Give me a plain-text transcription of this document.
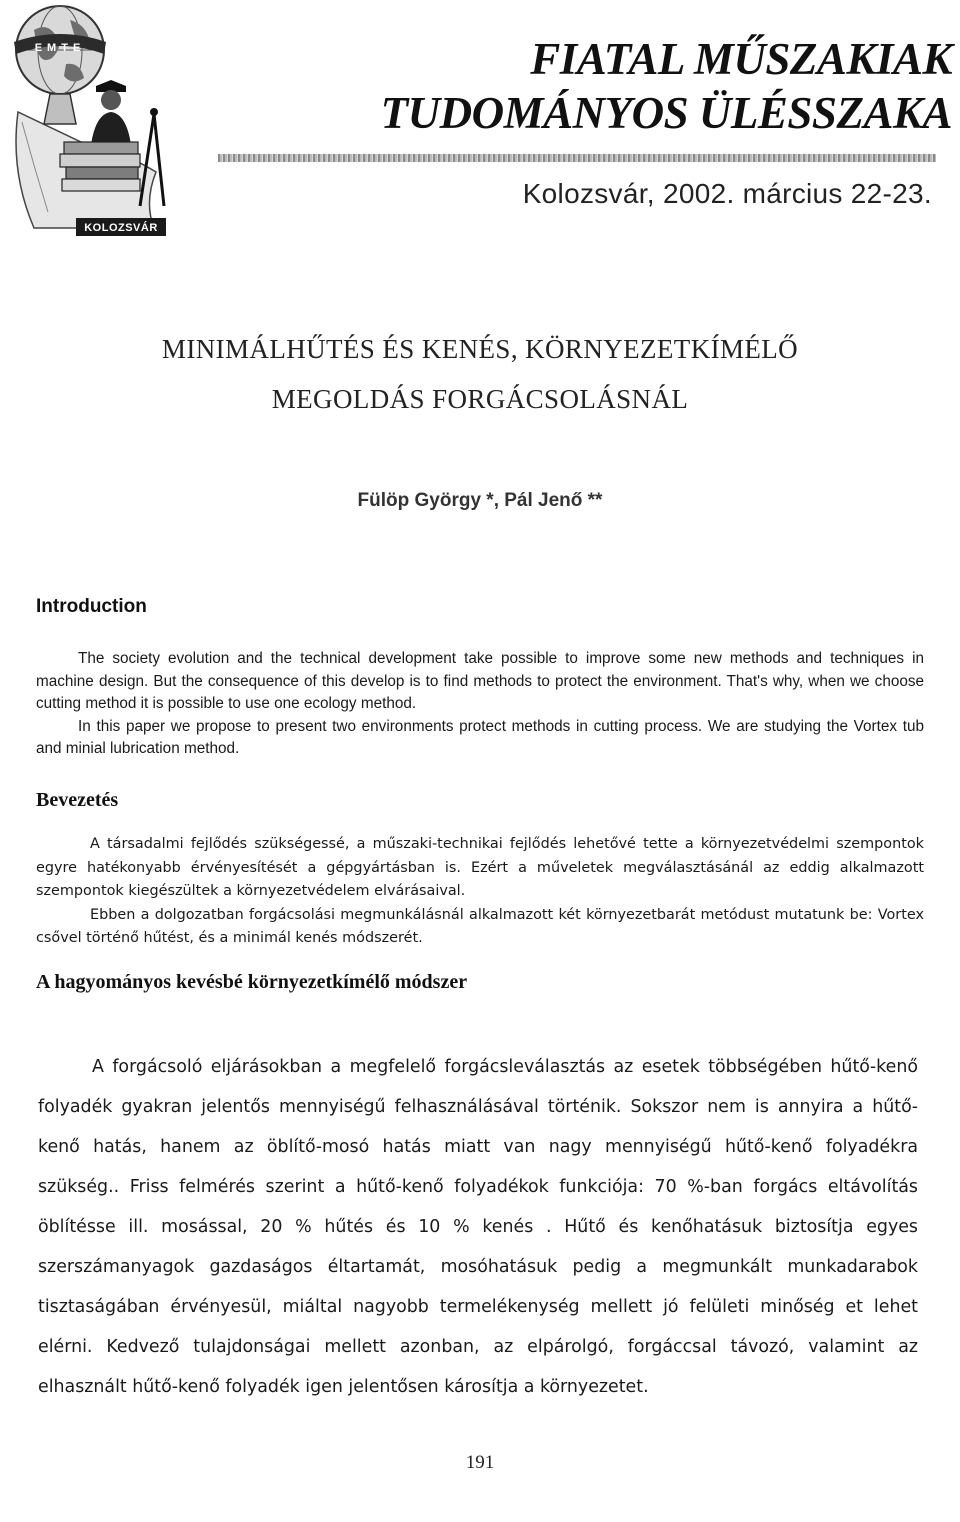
EMTE
KOLOZSVÁR
FIATAL MŰSZAKIAK
TUDOMÁNYOS ÜLÉSSZAKA
Kolozsvár, 2002. március 22-23.
MINIMÁLHŰTÉS ÉS KENÉS, KÖRNYEZETKÍMÉLŐ
MEGOLDÁS FORGÁCSOLÁSNÁL
Fülöp György *, Pál Jenő **
Introduction

The society evolution and the technical development take possible to improve some new methods and techniques in machine design. But the consequence of this develop is to find methods to protect the environment. That's why, when we choose cutting method it is possible to use one ecology method.

In this paper we propose to present two environments protect methods in cutting process. We are studying the Vortex tub and minial lubrication method.

Bevezetés

A társadalmi fejlődés szükségessé, a műszaki-technikai fejlődés lehetővé tette a környezetvédelmi szempontok egyre hatékonyabb érvényesítését a gépgyártásban is. Ezért a műveletek megválasztásánál az eddig alkalmazott szempontok kiegészültek a környezetvédelem elvárásaival.

Ebben a dolgozatban forgácsolási megmunkálásnál alkalmazott két környezetbarát metódust mutatunk be: Vortex csővel történő hűtést, és a minimál kenés módszerét.

A hagyományos kevésbé környezetkímélő módszer

A forgácsoló eljárásokban a megfelelő forgácsleválasztás az esetek többségében hűtő-kenő folyadék gyakran jelentős mennyiségű felhasználásával történik. Sokszor nem is annyira a hűtő-kenő hatás, hanem az öblítő-mosó hatás miatt van nagy mennyiségű hűtő-kenő folyadékra szükség.. Friss felmérés szerint a hűtő-kenő folyadékok funkciója: 70 %-ban forgács eltávolítás öblítésse ill. mosással, 20 % hűtés és 10 % kenés . Hűtő és kenőhatásuk biztosítja egyes szerszámanyagok gazdaságos éltartamát, mosóhatásuk pedig a megmunkált munkadarabok tisztaságában érvényesül, miáltal nagyobb termelékenység mellett jó felületi minőség et lehet elérni. Kedvező tulajdonságai mellett azonban, az elpárolgó, forgáccsal távozó, valamint az elhasznált hűtő-kenő folyadék igen jelentősen károsítja a környezetet.

191
